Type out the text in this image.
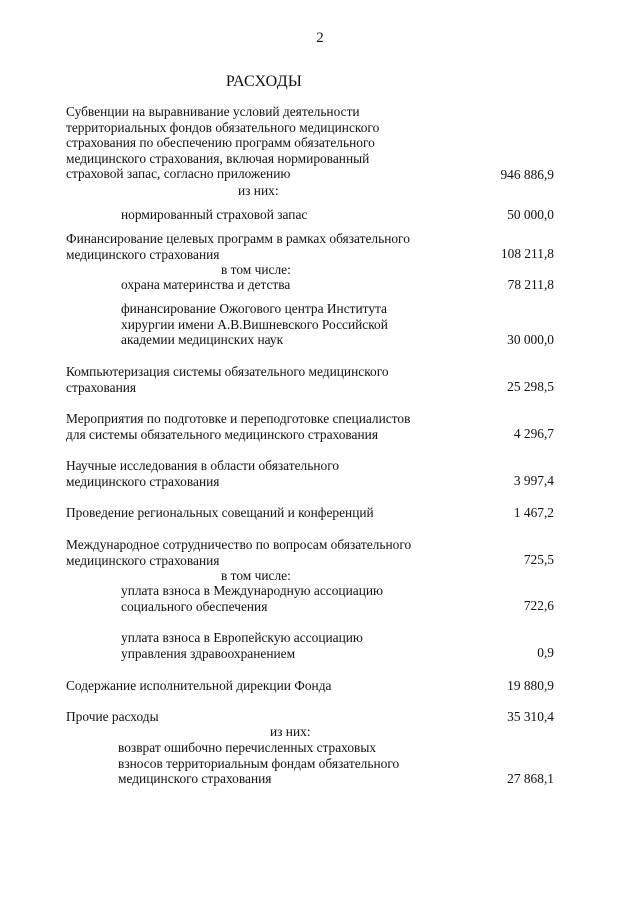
2
РАСХОДЫ
Субвенции на выравнивание условий деятельности
территориальных фондов обязательного медицинского
страхования по обеспечению программ обязательного
медицинского страхования, включая нормированный
страховой запас, согласно приложению	946 886,9
из них:
нормированный страховой запас	50 000,0
Финансирование целевых программ в рамках обязательного
медицинского страхования	108 211,8
в том числе:
охрана материнства и детства	78 211,8
финансирование Ожогового центра Института
хирургии имени А.В.Вишневского Российской
академии медицинских наук	30 000,0
Компьютеризация системы обязательного медицинского
страхования	25 298,5
Мероприятия по подготовке и переподготовке специалистов
для системы обязательного медицинского страхования	4 296,7
Научные исследования в области обязательного
медицинского страхования	3 997,4
Проведение региональных совещаний и конференций	1 467,2
Международное сотрудничество по вопросам обязательного
медицинского страхования	725,5
в том числе:
уплата взноса в Международную ассоциацию
социального обеспечения	722,6
уплата взноса в Европейскую ассоциацию
управления здравоохранением	0,9
Содержание исполнительной дирекции Фонда	19 880,9
Прочие расходы	35 310,4
из них:
возврат ошибочно перечисленных страховых
взносов территориальным фондам обязательного
медицинского страхования	27 868,1
